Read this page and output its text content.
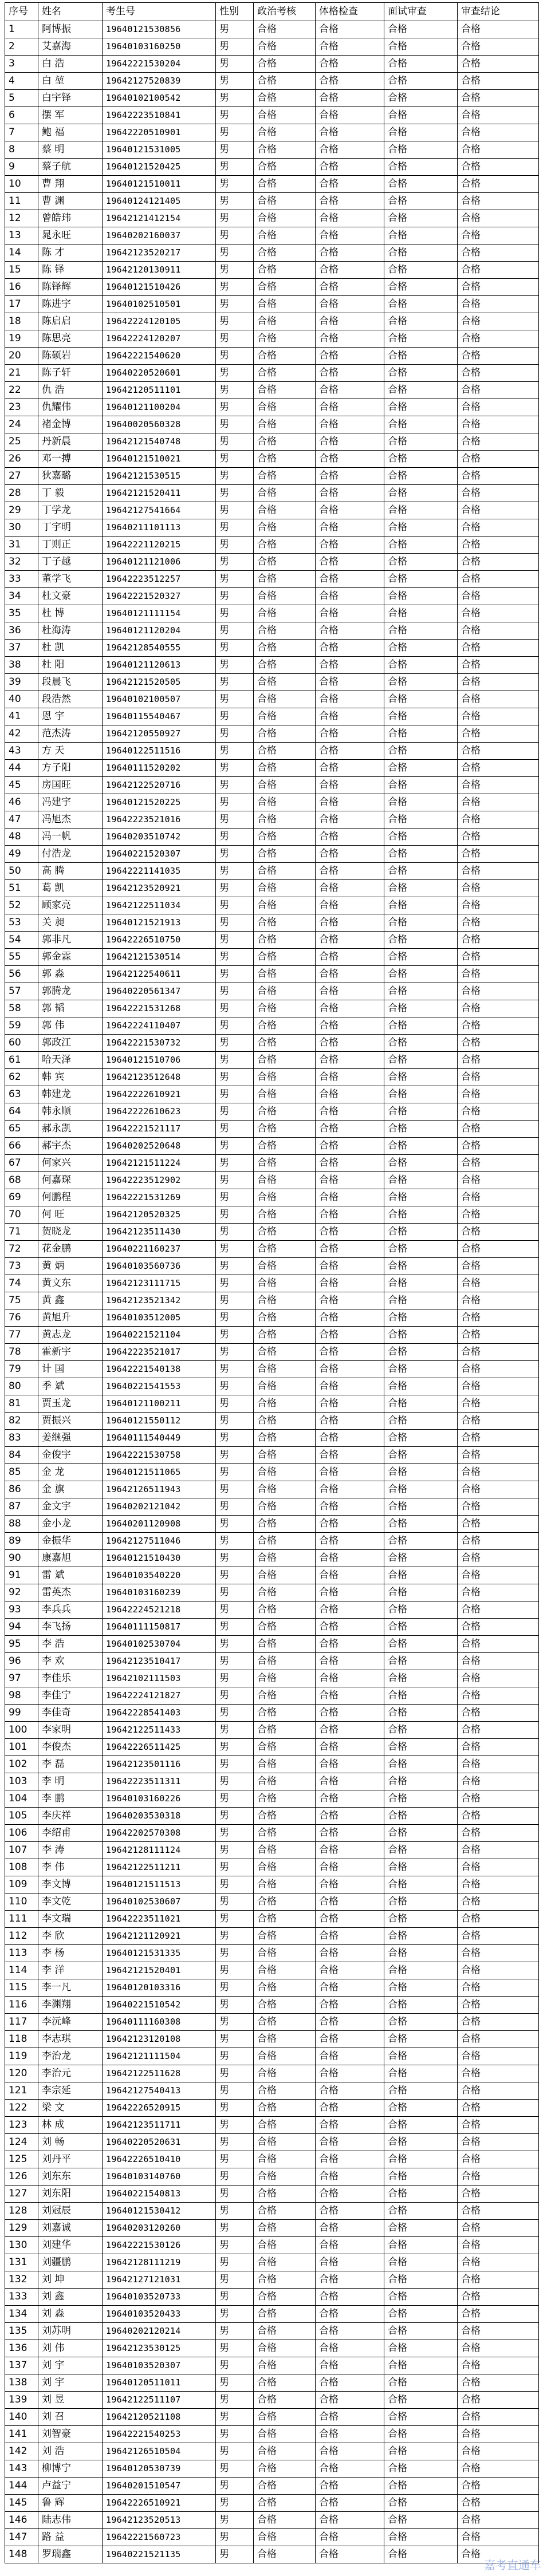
序号	姓名	考生号	性别	政治考核	体格检查	面试审查	审查结论
1	阿博振	19640121530856	男	合格	合格	合格	合格
2	艾嘉海	19640103160250	男	合格	合格	合格	合格
3	白 浩	19642221530204	男	合格	合格	合格	合格
4	白 堃	19642127520839	男	合格	合格	合格	合格
5	白宇铎	19640102100542	男	合格	合格	合格	合格
6	摆 军	19642223510841	男	合格	合格	合格	合格
7	鲍 福	19642220510901	男	合格	合格	合格	合格
8	蔡 明	19640121531005	男	合格	合格	合格	合格
9	蔡子航	19640121520425	男	合格	合格	合格	合格
10	曹 翔	19640121510011	男	合格	合格	合格	合格
11	曹 渊	19640124121405	男	合格	合格	合格	合格
12	曾皓玮	19642121412154	男	合格	合格	合格	合格
13	晁永旺	19640202160037	男	合格	合格	合格	合格
14	陈 才	19642123520217	男	合格	合格	合格	合格
15	陈 铎	19642120130911	男	合格	合格	合格	合格
16	陈铎辉	19640121510426	男	合格	合格	合格	合格
17	陈进宇	19640102510501	男	合格	合格	合格	合格
18	陈启启	19642224120105	男	合格	合格	合格	合格
19	陈思亮	19642224120207	男	合格	合格	合格	合格
20	陈硕岩	19642221540620	男	合格	合格	合格	合格
21	陈子轩	19640220520601	男	合格	合格	合格	合格
22	仇 浩	19642120511101	男	合格	合格	合格	合格
23	仇耀伟	19640121100204	男	合格	合格	合格	合格
24	褚金博	19640020560328	男	合格	合格	合格	合格
25	丹新晨	19642121540748	男	合格	合格	合格	合格
26	邓一搏	19640121510021	男	合格	合格	合格	合格
27	狄嘉璐	19642121530515	男	合格	合格	合格	合格
28	丁 毅	19642121520411	男	合格	合格	合格	合格
29	丁学龙	19642127541664	男	合格	合格	合格	合格
30	丁宇明	19640211101113	男	合格	合格	合格	合格
31	丁则正	19642221120215	男	合格	合格	合格	合格
32	丁子越	19640121121006	男	合格	合格	合格	合格
33	董学飞	19642223512257	男	合格	合格	合格	合格
34	杜文豪	19642221520327	男	合格	合格	合格	合格
35	杜 博	19640121111154	男	合格	合格	合格	合格
36	杜海涛	19640121120204	男	合格	合格	合格	合格
37	杜 凯	19642128540555	男	合格	合格	合格	合格
38	杜 阳	19640121120613	男	合格	合格	合格	合格
39	段晨飞	19642121520505	男	合格	合格	合格	合格
40	段浩然	19640102100507	男	合格	合格	合格	合格
41	恩 宇	19640115540467	男	合格	合格	合格	合格
42	范杰涛	19642120550927	男	合格	合格	合格	合格
43	方 天	19640122511516	男	合格	合格	合格	合格
44	方子阳	19640111520202	男	合格	合格	合格	合格
45	房国旺	19642122520716	男	合格	合格	合格	合格
46	冯建宇	19640121520225	男	合格	合格	合格	合格
47	冯旭杰	19642223521016	男	合格	合格	合格	合格
48	冯一帆	19640203510742	男	合格	合格	合格	合格
49	付浩龙	19640221520307	男	合格	合格	合格	合格
50	高 腾	19642221141035	男	合格	合格	合格	合格
51	葛 凯	19642123520921	男	合格	合格	合格	合格
52	顾家亮	19642122511034	男	合格	合格	合格	合格
53	关 昶	19640121521913	男	合格	合格	合格	合格
54	郭非凡	19642226510750	男	合格	合格	合格	合格
55	郭金霖	19642121530514	男	合格	合格	合格	合格
56	郭 淼	19642122540611	男	合格	合格	合格	合格
57	郭腾龙	19640220561347	男	合格	合格	合格	合格
58	郭 韬	19642221531268	男	合格	合格	合格	合格
59	郭 伟	19642224110407	男	合格	合格	合格	合格
60	郭政江	19642221530732	男	合格	合格	合格	合格
61	哈天泽	19640121510706	男	合格	合格	合格	合格
62	韩 宾	19642123512648	男	合格	合格	合格	合格
63	韩建龙	19642222610921	男	合格	合格	合格	合格
64	韩永顺	19642222610623	男	合格	合格	合格	合格
65	郝永凯	19642221521117	男	合格	合格	合格	合格
66	郝宇杰	19640202520648	男	合格	合格	合格	合格
67	何家兴	19642121511224	男	合格	合格	合格	合格
68	何嘉琛	19642223512902	男	合格	合格	合格	合格
69	何鹏程	19642221531269	男	合格	合格	合格	合格
70	何 旺	19642120520325	男	合格	合格	合格	合格
71	贺晓龙	19642123511430	男	合格	合格	合格	合格
72	花金鹏	19640221160237	男	合格	合格	合格	合格
73	黄 炳	19640103560736	男	合格	合格	合格	合格
74	黄文东	19642123111715	男	合格	合格	合格	合格
75	黄 鑫	19642123521342	男	合格	合格	合格	合格
76	黄旭升	19640103512005	男	合格	合格	合格	合格
77	黄志龙	19640221521104	男	合格	合格	合格	合格
78	霍新宇	19642223521017	男	合格	合格	合格	合格
79	计 国	19642221540138	男	合格	合格	合格	合格
80	季 斌	19640221541553	男	合格	合格	合格	合格
81	贾玉龙	19640121100211	男	合格	合格	合格	合格
82	贾振兴	19640121550112	男	合格	合格	合格	合格
83	姜继强	19640111540449	男	合格	合格	合格	合格
84	金俊宇	19642221530758	男	合格	合格	合格	合格
85	金 龙	19640121511065	男	合格	合格	合格	合格
86	金 旗	19642126511943	男	合格	合格	合格	合格
87	金文宇	19640202121042	男	合格	合格	合格	合格
88	金小龙	19640201120908	男	合格	合格	合格	合格
89	金振华	19642127511046	男	合格	合格	合格	合格
90	康嘉旭	19640121510430	男	合格	合格	合格	合格
91	雷 斌	19640103540220	男	合格	合格	合格	合格
92	雷英杰	19640103160239	男	合格	合格	合格	合格
93	李兵兵	19642224521218	男	合格	合格	合格	合格
94	李飞扬	19640111150817	男	合格	合格	合格	合格
95	李 浩	19640102530704	男	合格	合格	合格	合格
96	李 欢	19642123510417	男	合格	合格	合格	合格
97	李佳乐	19642102111503	男	合格	合格	合格	合格
98	李佳宁	19642224121827	男	合格	合格	合格	合格
99	李佳奇	19642228541403	男	合格	合格	合格	合格
100	李家明	19642122511433	男	合格	合格	合格	合格
101	李俊杰	19642226511425	男	合格	合格	合格	合格
102	李 磊	19642123501116	男	合格	合格	合格	合格
103	李 明	19642223511311	男	合格	合格	合格	合格
104	李 鹏	19640103160226	男	合格	合格	合格	合格
105	李庆祥	19640203530318	男	合格	合格	合格	合格
106	李绍甫	19642202570308	男	合格	合格	合格	合格
107	李 涛	19642128111124	男	合格	合格	合格	合格
108	李 伟	19642122511211	男	合格	合格	合格	合格
109	李文博	19640121511513	男	合格	合格	合格	合格
110	李文乾	19640102530607	男	合格	合格	合格	合格
111	李文瑞	19642223511021	男	合格	合格	合格	合格
112	李 欣	19642121120921	男	合格	合格	合格	合格
113	李 杨	19640121531335	男	合格	合格	合格	合格
114	李 洋	19642121520401	男	合格	合格	合格	合格
115	李一凡	19640120103316	男	合格	合格	合格	合格
116	李渊翔	19640221510542	男	合格	合格	合格	合格
117	李沅峰	19640111160308	男	合格	合格	合格	合格
118	李志琪	19642123120108	男	合格	合格	合格	合格
119	李治龙	19642121111504	男	合格	合格	合格	合格
120	李治元	19642122511628	男	合格	合格	合格	合格
121	李宗延	19642127540413	男	合格	合格	合格	合格
122	梁 文	19642226520915	男	合格	合格	合格	合格
123	林 成	19642123511711	男	合格	合格	合格	合格
124	刘 畅	19640220520631	男	合格	合格	合格	合格
125	刘丹平	19642226510410	男	合格	合格	合格	合格
126	刘东东	19640103140760	男	合格	合格	合格	合格
127	刘东阳	19640221540813	男	合格	合格	合格	合格
128	刘冠辰	19640121530412	男	合格	合格	合格	合格
129	刘嘉诚	19640203120260	男	合格	合格	合格	合格
130	刘建华	19642221530126	男	合格	合格	合格	合格
131	刘疆鹏	19642128111219	男	合格	合格	合格	合格
132	刘 坤	19642127121031	男	合格	合格	合格	合格
133	刘 鑫	19640103520733	男	合格	合格	合格	合格
134	刘 淼	19640103520433	男	合格	合格	合格	合格
135	刘苏明	19640202120214	男	合格	合格	合格	合格
136	刘 伟	19642123530125	男	合格	合格	合格	合格
137	刘 宇	19640103520307	男	合格	合格	合格	合格
138	刘 宇	19640120511011	男	合格	合格	合格	合格
139	刘 昱	19642122511107	男	合格	合格	合格	合格
140	刘 召	19642120521108	男	合格	合格	合格	合格
141	刘智豪	19642221540253	男	合格	合格	合格	合格
142	刘 浩	19642126510504	男	合格	合格	合格	合格
143	柳博宁	19640120530739	男	合格	合格	合格	合格
144	卢益宁	19640201510547	男	合格	合格	合格	合格
145	鲁 辉	19642226510921	男	合格	合格	合格	合格
146	陆志伟	19642123520513	男	合格	合格	合格	合格
147	路 益	19642221560723	男	合格	合格	合格	合格
148	罗瑞鑫	19640221521135	男	合格	合格	合格	合格
嘉考直通车
